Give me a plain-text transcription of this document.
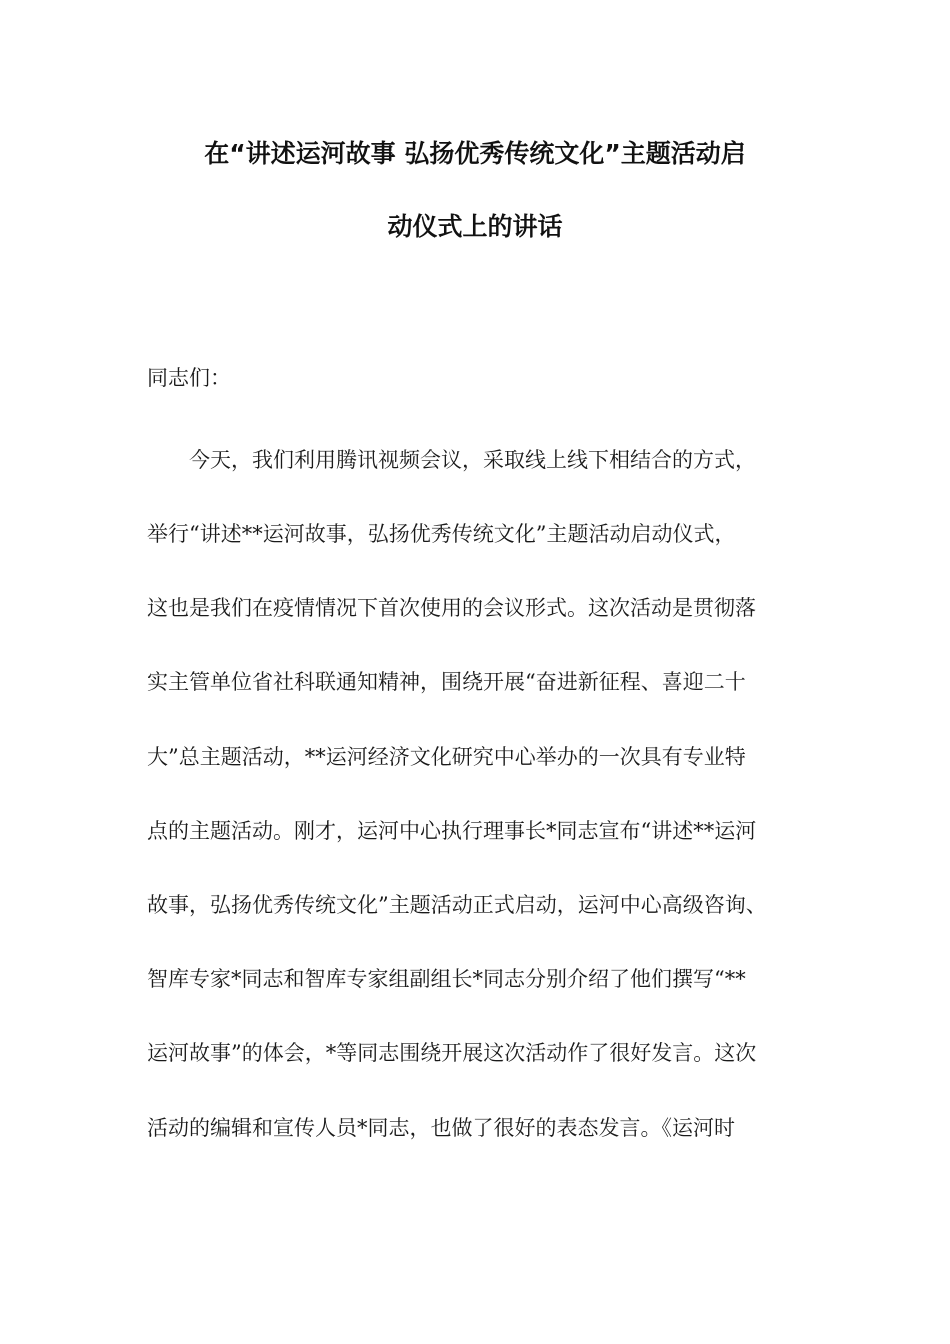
在“讲述运河故事 弘扬优秀传统文化”主题活动启
动仪式上的讲话
同志们：
今天，我们利用腾讯视频会议，采取线上线下相结合的方式，
举行“讲述**运河故事，弘扬优秀传统文化”主题活动启动仪式，
这也是我们在疫情情况下首次使用的会议形式。这次活动是贯彻落
实主管单位省社科联通知精神，围绕开展“奋进新征程、喜迎二十
大”总主题活动，**运河经济文化研究中心举办的一次具有专业特
点的主题活动。刚才，运河中心执行理事长*同志宣布“讲述**运河
故事，弘扬优秀传统文化”主题活动正式启动，运河中心高级咨询、
智库专家*同志和智库专家组副组长*同志分别介绍了他们撰写“**
运河故事”的体会，*等同志围绕开展这次活动作了很好发言。这次
活动的编辑和宣传人员*同志，也做了很好的表态发言。《运河时
